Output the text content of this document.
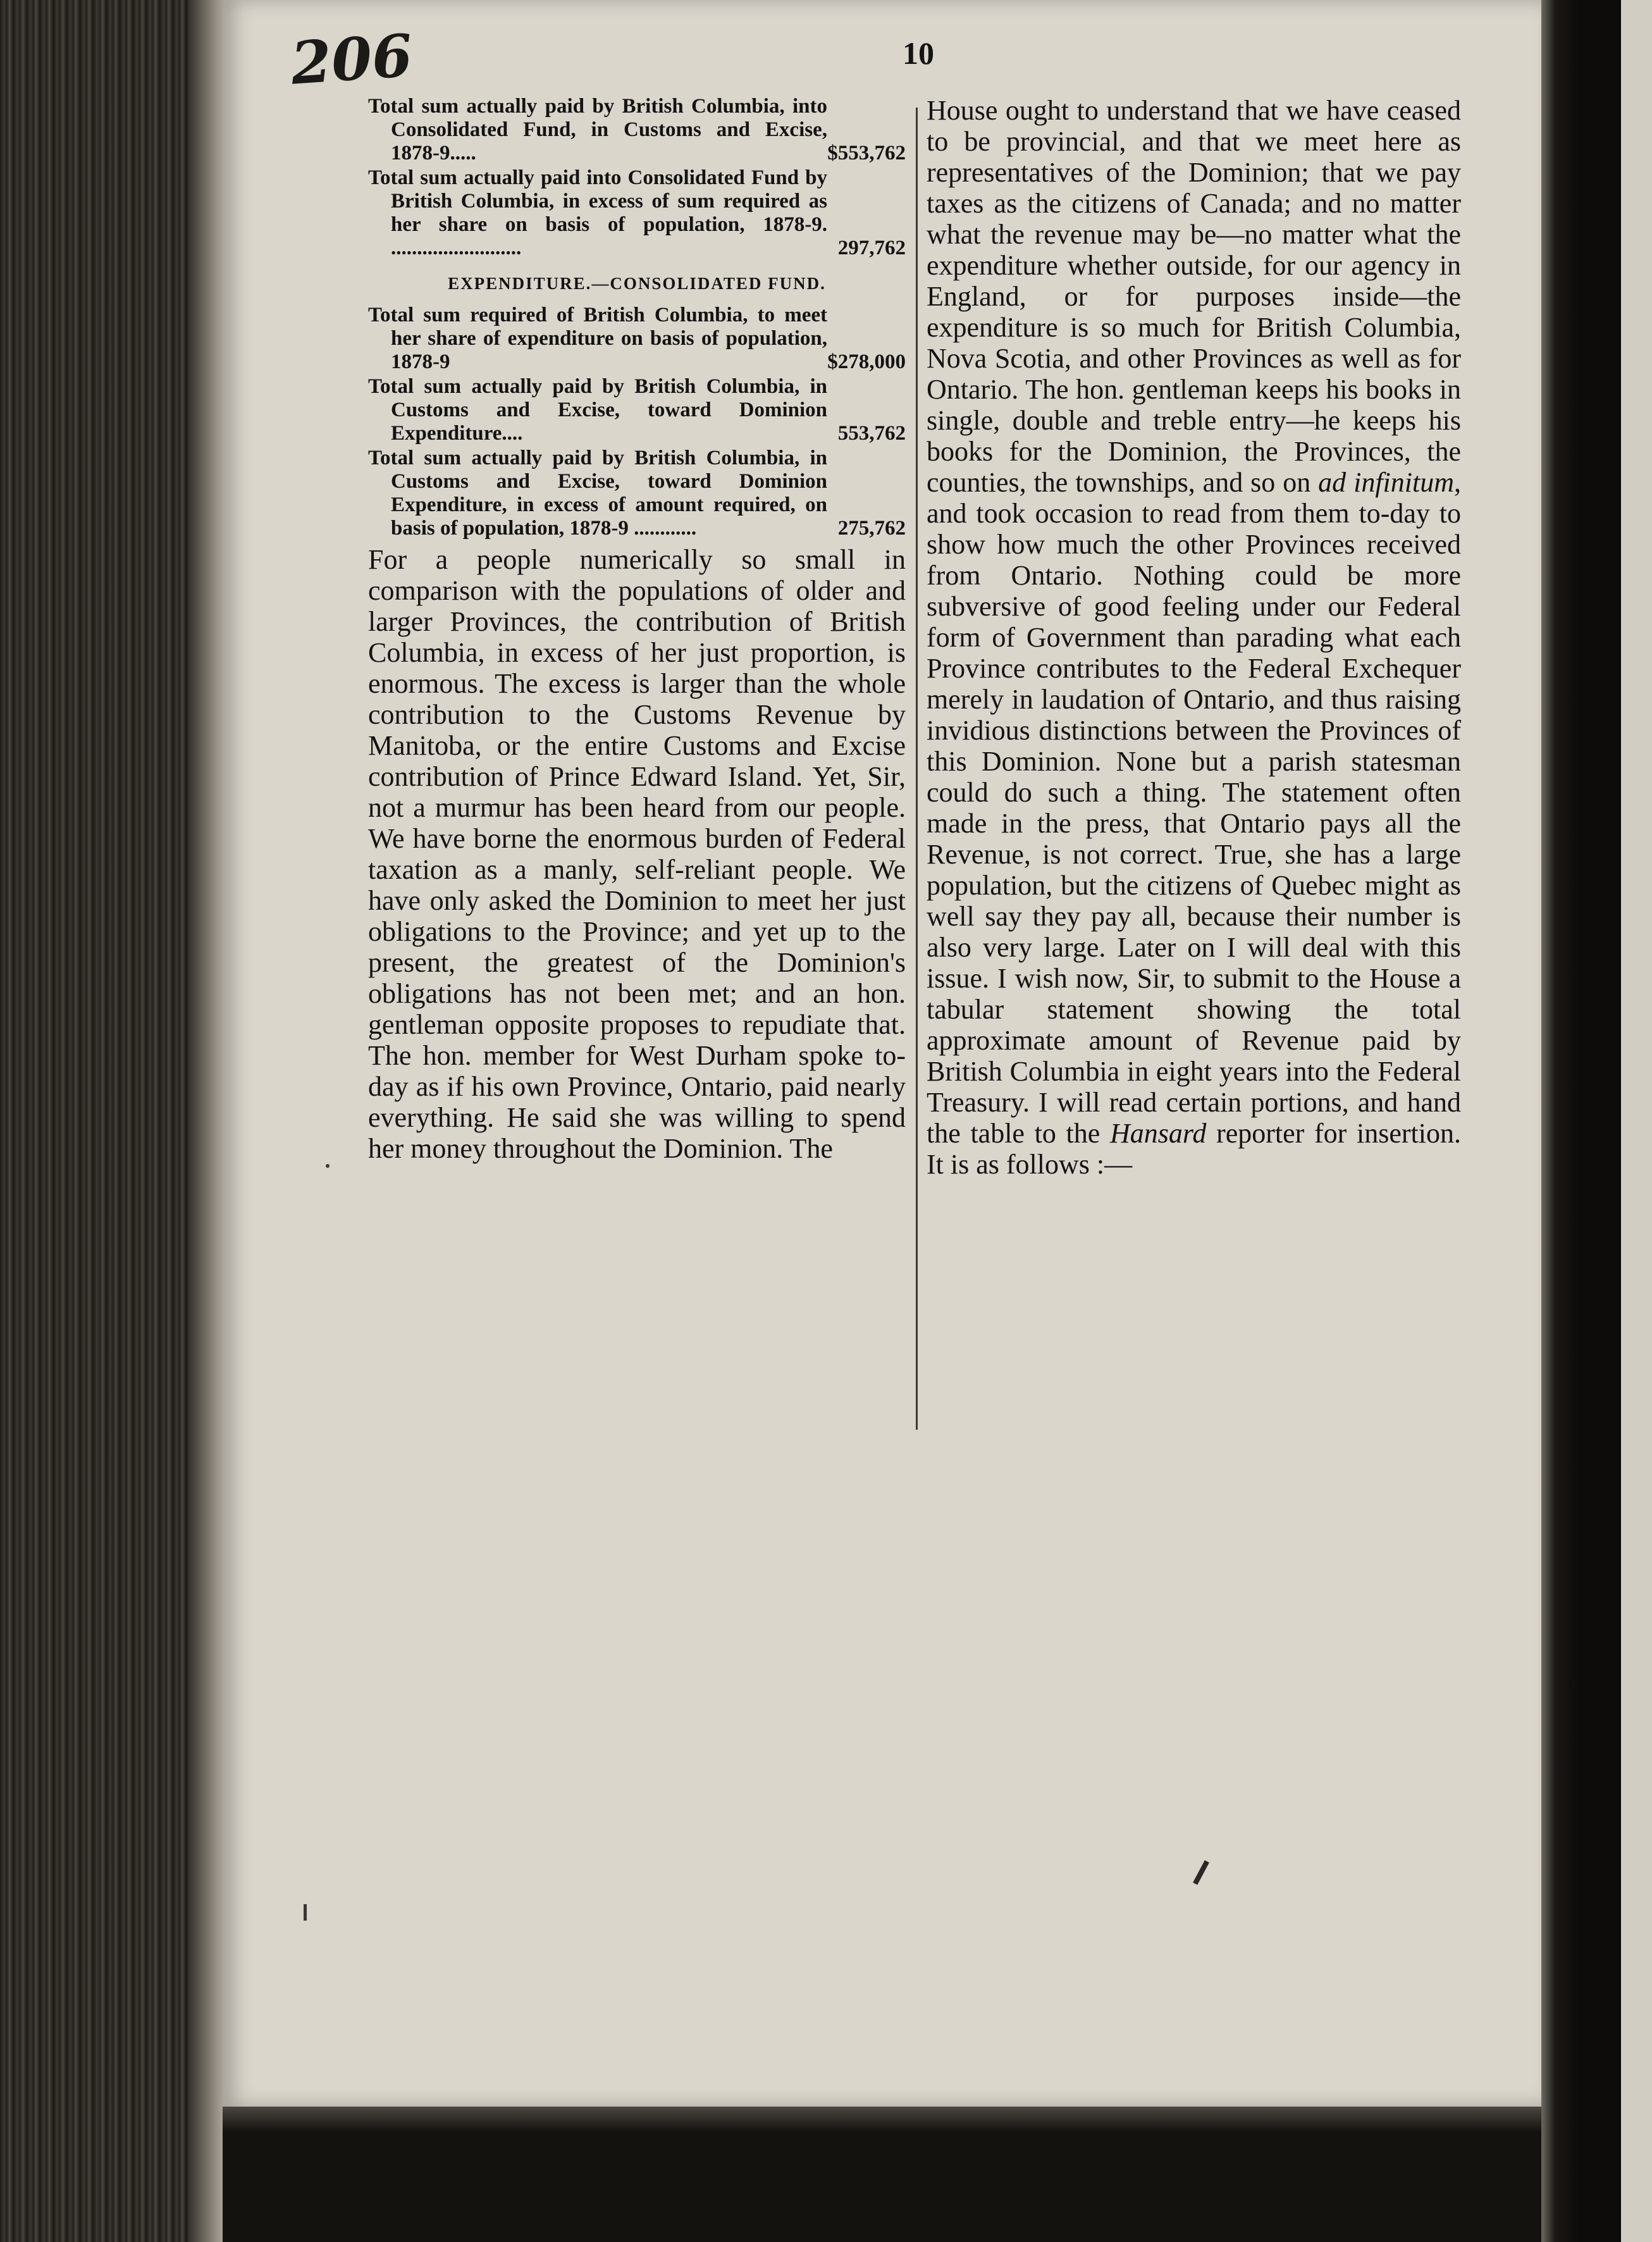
206	10
Total sum actually paid by British Columbia, into Consolidated Fund, in Customs and Excise, 1878-9.....	$553,762
Total sum actually paid into Consolidated Fund by British Columbia, in excess of sum required as her share on basis of population, 1878-9. .........................	297,762
EXPENDITURE.—CONSOLIDATED FUND.
Total sum required of British Columbia, to meet her share of expenditure on basis of population, 1878-9	$278,000
Total sum actually paid by British Columbia, in Customs and Excise, toward Dominion Expenditure....	553,762
Total sum actually paid by British Columbia, in Customs and Excise, toward Dominion Expenditure, in excess of amount required, on basis of population, 1878-9 ............	275,762

For a people numerically so small in comparison with the populations of older and larger Provinces, the contribution of British Columbia, in excess of her just proportion, is enormous. The excess is larger than the whole contribution to the Customs Revenue by Manitoba, or the entire Customs and Excise contribution of Prince Edward Island. Yet, Sir, not a murmur has been heard from our people. We have borne the enormous burden of Federal taxation as a manly, self-reliant people. We have only asked the Dominion to meet her just obligations to the Province; and yet up to the present, the greatest of the Dominion's obligations has not been met; and an hon. gentleman opposite proposes to repudiate that. The hon. member for West Durham spoke to-day as if his own Province, Ontario, paid nearly everything. He said she was willing to spend her money throughout the Dominion. The

House ought to understand that we have ceased to be provincial, and that we meet here as representatives of the Dominion; that we pay taxes as the citizens of Canada; and no matter what the revenue may be—no matter what the expenditure whether outside, for our agency in England, or for purposes inside—the expenditure is so much for British Columbia, Nova Scotia, and other Provinces as well as for Ontario. The hon. gentleman keeps his books in single, double and treble entry—he keeps his books for the Dominion, the Provinces, the counties, the townships, and so on ad infinitum, and took occasion to read from them to-day to show how much the other Provinces received from Ontario. Nothing could be more subversive of good feeling under our Federal form of Government than parading what each Province contributes to the Federal Exchequer merely in laudation of Ontario, and thus raising invidious distinctions between the Provinces of this Dominion. None but a parish statesman could do such a thing. The statement often made in the press, that Ontario pays all the Revenue, is not correct. True, she has a large population, but the citizens of Quebec might as well say they pay all, because their number is also very large. Later on I will deal with this issue. I wish now, Sir, to submit to the House a tabular statement showing the total approximate amount of Revenue paid by British Columbia in eight years into the Federal Treasury. I will read certain portions, and hand the table to the Hansard reporter for insertion. It is as follows :—
